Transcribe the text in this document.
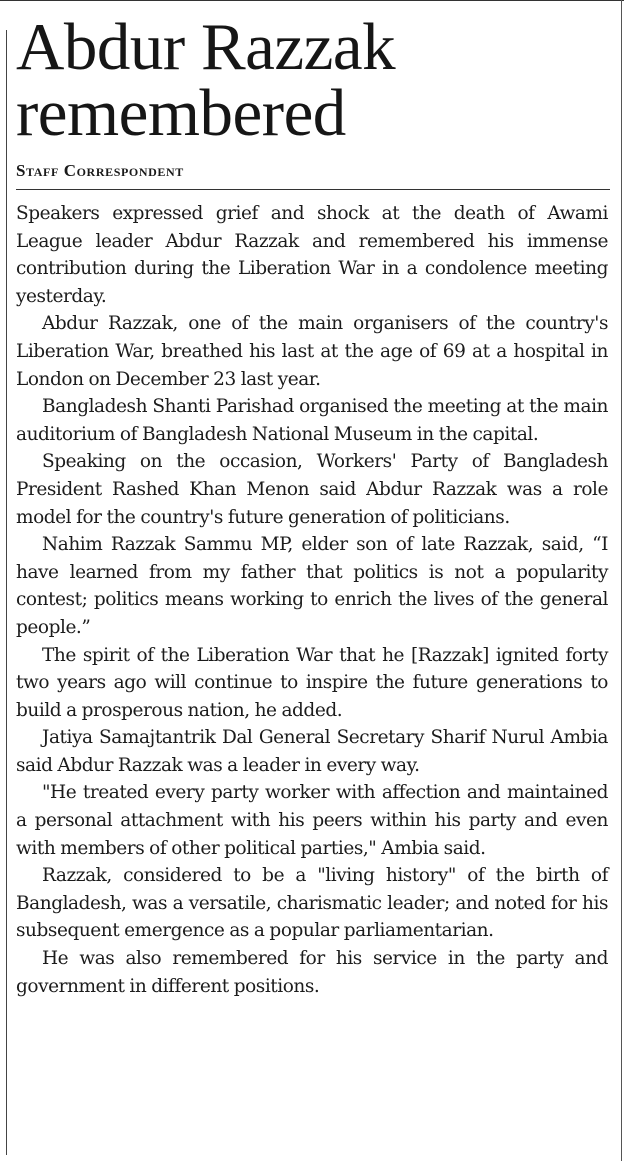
Abdur Razzak remembered
Staff Correspondent

Speakers expressed grief and shock at the death of Awami League leader Abdur Razzak and remembered his immense contribution during the Liberation War in a condolence meeting yesterday.

Abdur Razzak, one of the main organisers of the country's Liberation War, breathed his last at the age of 69 at a hospital in London on December 23 last year.

Bangladesh Shanti Parishad organised the meeting at the main auditorium of Bangladesh National Museum in the capital.

Speaking on the occasion, Workers' Party of Bangladesh President Rashed Khan Menon said Abdur Razzak was a role model for the country's future generation of politicians.

Nahim Razzak Sammu MP, elder son of late Razzak, said, “I have learned from my father that politics is not a popularity contest; politics means working to enrich the lives of the general people.”

The spirit of the Liberation War that he [Razzak] ignited forty two years ago will continue to inspire the future generations to build a prosperous nation, he added.

Jatiya Samajtantrik Dal General Secretary Sharif Nurul Ambia said Abdur Razzak was a leader in every way.

"He treated every party worker with affection and maintained a personal attachment with his peers within his party and even with members of other political parties," Ambia said.

Razzak, considered to be a "living history" of the birth of Bangladesh, was a versatile, charismatic leader; and noted for his subsequent emergence as a popular parliamentarian.

He was also remembered for his service in the party and government in different positions.
